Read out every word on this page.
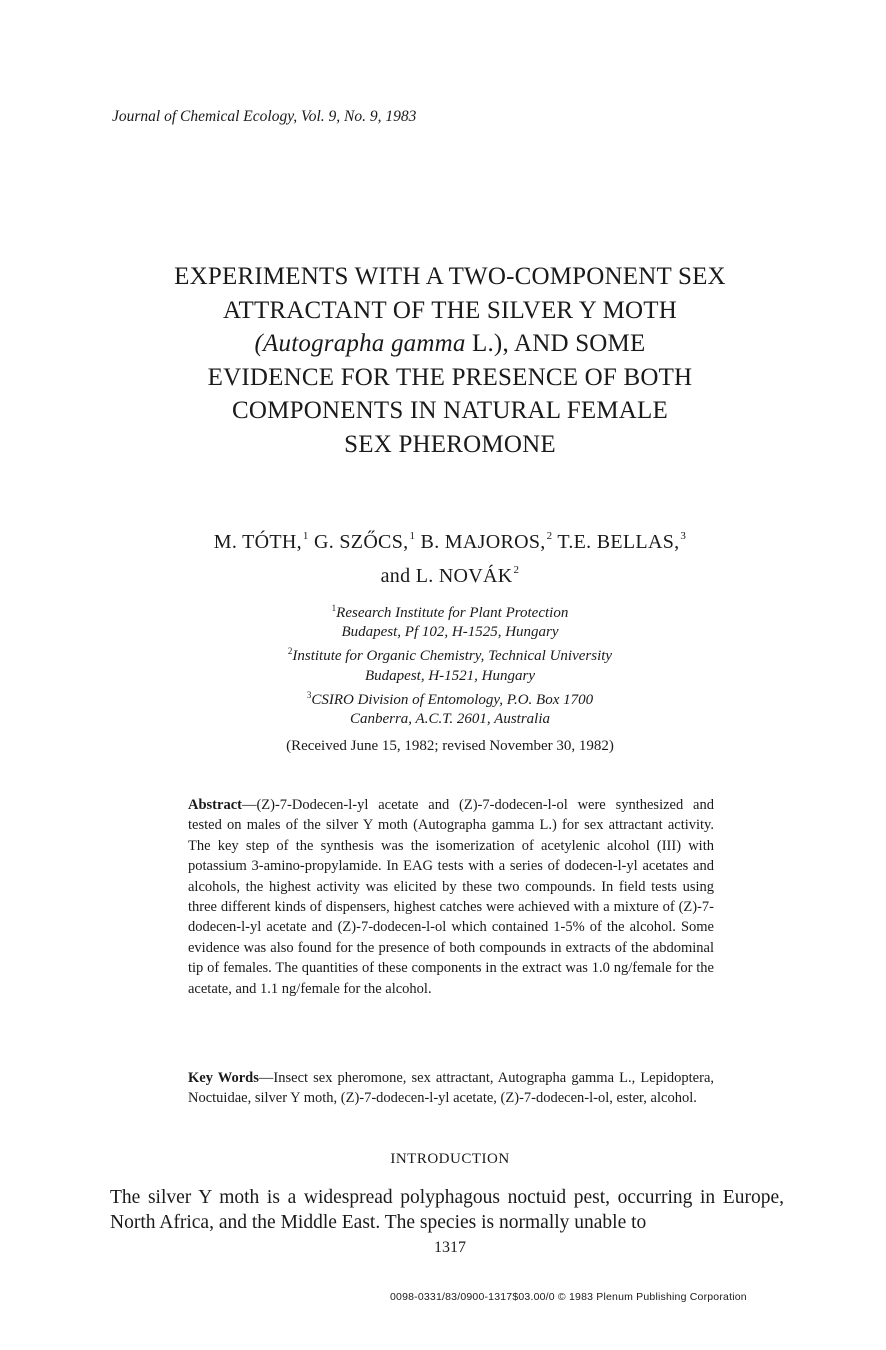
Journal of Chemical Ecology, Vol. 9, No. 9, 1983
EXPERIMENTS WITH A TWO-COMPONENT SEX
ATTRACTANT OF THE SILVER Y MOTH
(Autographa gamma L.), AND SOME
EVIDENCE FOR THE PRESENCE OF BOTH
COMPONENTS IN NATURAL FEMALE
SEX PHEROMONE
M. TÓTH,$^1$ G. SZŐCS,$^1$ B. MAJOROS,$^2$ T.E. BELLAS,$^3$
and L. NOVÁK$^2$
$^1$Research Institute for Plant Protection
Budapest, Pf 102, H-1525, Hungary
$^2$Institute for Organic Chemistry, Technical University
Budapest, H-1521, Hungary
$^3$CSIRO Division of Entomology, P.O. Box 1700
Canberra, A.C.T. 2601, Australia
(Received June 15, 1982; revised November 30, 1982)
Abstract—(Z)-7-Dodecen-l-yl acetate and (Z)-7-dodecen-l-ol were synthesized and tested on males of the silver Y moth (Autographa gamma L.) for sex attractant activity. The key step of the synthesis was the isomerization of acetylenic alcohol (III) with potassium 3-amino-propylamide. In EAG tests with a series of dodecen-l-yl acetates and alcohols, the highest activity was elicited by these two compounds. In field tests using three different kinds of dispensers, highest catches were achieved with a mixture of (Z)-7-dodecen-l-yl acetate and (Z)-7-dodecen-l-ol which contained 1-5% of the alcohol. Some evidence was also found for the presence of both compounds in extracts of the abdominal tip of females. The quantities of these components in the extract was 1.0 ng/female for the acetate, and 1.1 ng/female for the alcohol.
Key Words—Insect sex pheromone, sex attractant, Autographa gamma L., Lepidoptera, Noctuidae, silver Y moth, (Z)-7-dodecen-l-yl acetate, (Z)-7-dodecen-l-ol, ester, alcohol.
INTRODUCTION
The silver Y moth is a widespread polyphagous noctuid pest, occurring in Europe, North Africa, and the Middle East. The species is normally unable to
1317
0098-0331/83/0900-1317$03.00/0 © 1983 Plenum Publishing Corporation
